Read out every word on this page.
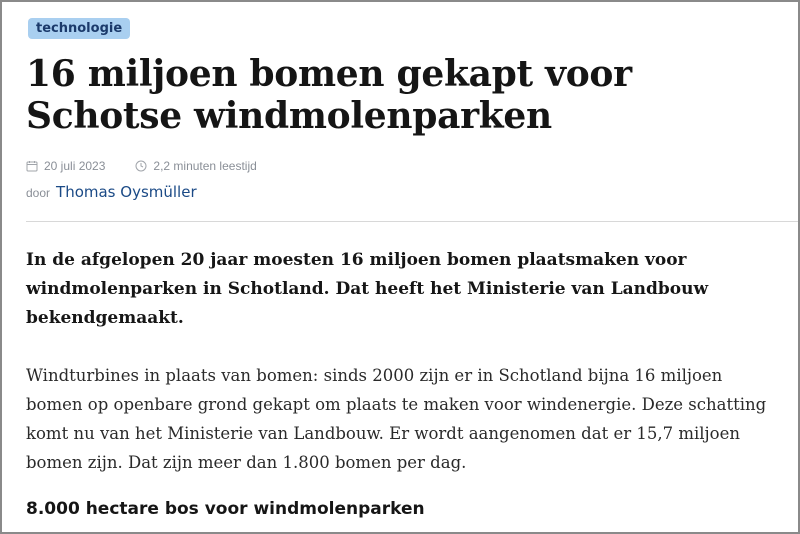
technologie
16 miljoen bomen gekapt voor Schotse windmolenparken
20 juli 2023	2,2 minuten leestijd
door Thomas Oysmüller

In de afgelopen 20 jaar moesten 16 miljoen bomen plaatsmaken voor windmolenparken in Schotland. Dat heeft het Ministerie van Landbouw bekendgemaakt.

Windturbines in plaats van bomen: sinds 2000 zijn er in Schotland bijna 16 miljoen bomen op openbare grond gekapt om plaats te maken voor windenergie. Deze schatting komt nu van het Ministerie van Landbouw. Er wordt aangenomen dat er 15,7 miljoen bomen zijn. Dat zijn meer dan 1.800 bomen per dag.

8.000 hectare bos voor windmolenparken
